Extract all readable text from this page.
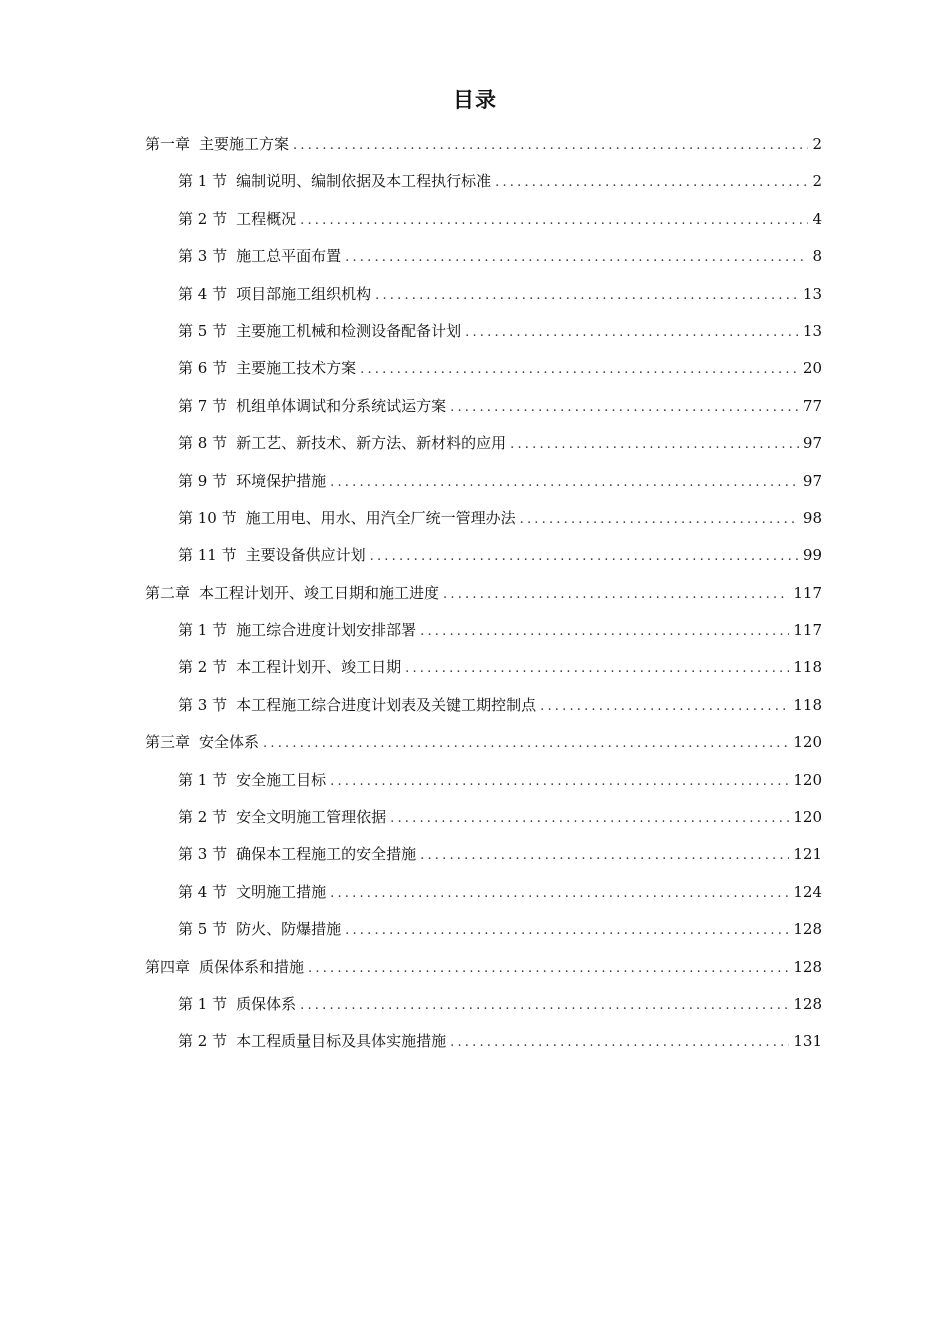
目录
第一章 主要施工方案 .....	2
第 1 节 编制说明、编制依据及本工程执行标准 .....	2
第 2 节 工程概况 .....	4
第 3 节 施工总平面布置 .....	8
第 4 节 项目部施工组织机构 .....	13
第 5 节 主要施工机械和检测设备配备计划 .....	13
第 6 节 主要施工技术方案 .....	20
第 7 节 机组单体调试和分系统试运方案 .....	77
第 8 节 新工艺、新技术、新方法、新材料的应用 .....	97
第 9 节 环境保护措施 .....	97
第 10 节 施工用电、用水、用汽全厂统一管理办法 .....	98
第 11 节 主要设备供应计划 .....	99
第二章 本工程计划开、竣工日期和施工进度 .....	117
第 1 节 施工综合进度计划安排部署 .....	117
第 2 节 本工程计划开、竣工日期 .....	118
第 3 节 本工程施工综合进度计划表及关键工期控制点 .....	118
第三章 安全体系 .....	120
第 1 节 安全施工目标 .....	120
第 2 节 安全文明施工管理依据 .....	120
第 3 节 确保本工程施工的安全措施 .....	121
第 4 节 文明施工措施 .....	124
第 5 节 防火、防爆措施 .....	128
第四章 质保体系和措施 .....	128
第 1 节 质保体系 .....	128
第 2 节 本工程质量目标及具体实施措施 .....	131
